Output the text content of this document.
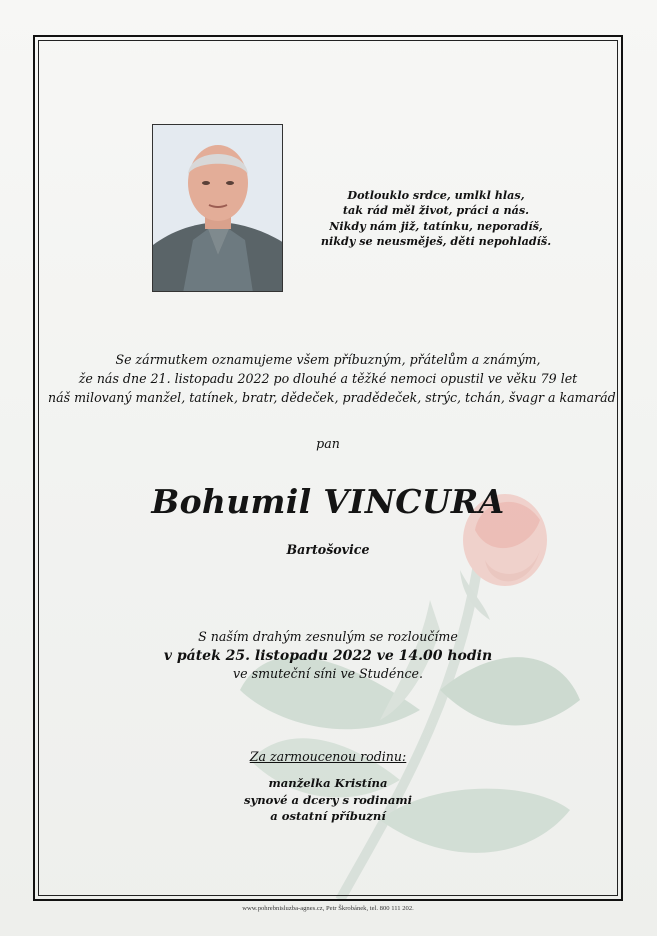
Dotloukl​o srdce, umlkl hlas,
tak rád měl život, práci a nás.
Nikdy nám již, tatínku, neporadíš,
nikdy se neusměješ, děti nepohladíš.
Se zármutkem oznamujeme všem příbuzným, přátelům a známým,
že nás dne 21. listopadu 2022 po dlouhé a těžké nemoci opustil ve věku 79 let
náš milovaný manžel, tatínek, bratr, dědeček, pradědeček, strýc, tchán, švagr a kamarád
pan
Bohumil VINCURA
Bartošovice
S naším drahým zesnulým se rozloučíme
v pátek 25. listopadu 2022 ve 14.00 hodin
ve smuteční síni ve Studénce.
Za zarmoucenou rodinu:
manželka Kristína
synové a dcery s rodinami
a ostatní příbuzní
www.pohrebnisluzba-agnes.cz, Petr Škrobánek, tel. 800 111 202.
